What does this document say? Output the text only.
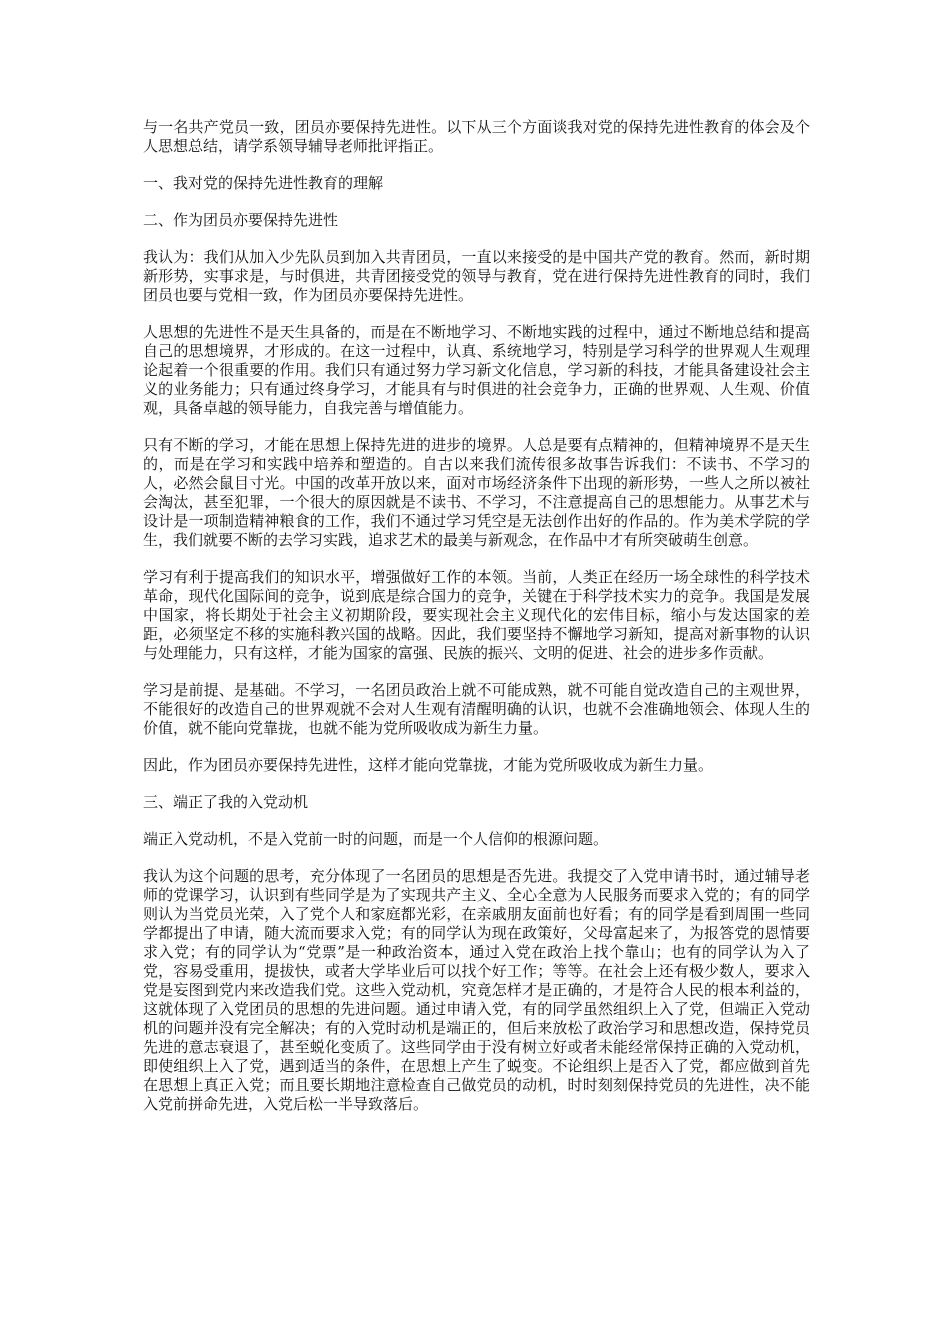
与一名共产党员一致，团员亦要保持先进性。以下从三个方面谈我对党的保持先进性教育的体会及个人思想总结，请学系领导辅导老师批评指正。

一、我对党的保持先进性教育的理解

二、作为团员亦要保持先进性

我认为：我们从加入少先队员到加入共青团员，一直以来接受的是中国共产党的教育。然而，新时期新形势，实事求是，与时俱进，共青团接受党的领导与教育，党在进行保持先进性教育的同时，我们团员也要与党相一致，作为团员亦要保持先进性。

人思想的先进性不是天生具备的，而是在不断地学习、不断地实践的过程中，通过不断地总结和提高自己的思想境界，才形成的。在这一过程中，认真、系统地学习，特别是学习科学的世界观人生观理论起着一个很重要的作用。我们只有通过努力学习新文化信息，学习新的科技，才能具备建设社会主义的业务能力；只有通过终身学习，才能具有与时俱进的社会竞争力，正确的世界观、人生观、价值观，具备卓越的领导能力，自我完善与增值能力。

只有不断的学习，才能在思想上保持先进的进步的境界。人总是要有点精神的，但精神境界不是天生的，而是在学习和实践中培养和塑造的。自古以来我们流传很多故事告诉我们：不读书、不学习的人，必然会鼠目寸光。中国的改革开放以来，面对市场经济条件下出现的新形势，一些人之所以被社会淘汰，甚至犯罪，一个很大的原因就是不读书、不学习，不注意提高自己的思想能力。从事艺术与设计是一项制造精神粮食的工作，我们不通过学习凭空是无法创作出好的作品的。作为美术学院的学生，我们就要不断的去学习实践，追求艺术的最美与新观念，在作品中才有所突破萌生创意。

学习有利于提高我们的知识水平，增强做好工作的本领。当前，人类正在经历一场全球性的科学技术革命，现代化国际间的竞争，说到底是综合国力的竞争，关键在于科学技术实力的竞争。我国是发展中国家，将长期处于社会主义初期阶段，要实现社会主义现代化的宏伟目标，缩小与发达国家的差距，必须坚定不移的实施科教兴国的战略。因此，我们要坚持不懈地学习新知，提高对新事物的认识与处理能力，只有这样，才能为国家的富强、民族的振兴、文明的促进、社会的进步多作贡献。

学习是前提、是基础。不学习，一名团员政治上就不可能成熟，就不可能自觉改造自己的主观世界，不能很好的改造自己的世界观就不会对人生观有清醒明确的认识，也就不会准确地领会、体现人生的价值，就不能向党靠拢，也就不能为党所吸收成为新生力量。

因此，作为团员亦要保持先进性，这样才能向党靠拢，才能为党所吸收成为新生力量。

三、端正了我的入党动机

端正入党动机，不是入党前一时的问题，而是一个人信仰的根源问题。

我认为这个问题的思考，充分体现了一名团员的思想是否先进。我提交了入党申请书时，通过辅导老师的党课学习，认识到有些同学是为了实现共产主义、全心全意为人民服务而要求入党的；有的同学则认为当党员光荣，入了党个人和家庭都光彩，在亲戚朋友面前也好看；有的同学是看到周围一些同学都提出了申请，随大流而要求入党；有的同学认为现在政策好，父母富起来了，为报答党的恩情要求入党；有的同学认为“党票”是一种政治资本，通过入党在政治上找个靠山；也有的同学认为入了党，容易受重用，提拔快，或者大学毕业后可以找个好工作；等等。在社会上还有极少数人，要求入党是妄图到党内来改造我们党。这些入党动机，究竟怎样才是正确的，才是符合人民的根本利益的，这就体现了入党团员的思想的先进问题。通过申请入党，有的同学虽然组织上入了党，但端正入党动机的问题并没有完全解决；有的入党时动机是端正的，但后来放松了政治学习和思想改造，保持党员先进的意志衰退了，甚至蜕化变质了。这些同学由于没有树立好或者未能经常保持正确的入党动机，即使组织上入了党，遇到适当的条件，在思想上产生了蜕变。不论组织上是否入了党，都应做到首先在思想上真正入党；而且要长期地注意检查自己做党员的动机，时时刻刻保持党员的先进性，决不能入党前拼命先进，入党后松一半导致落后。
